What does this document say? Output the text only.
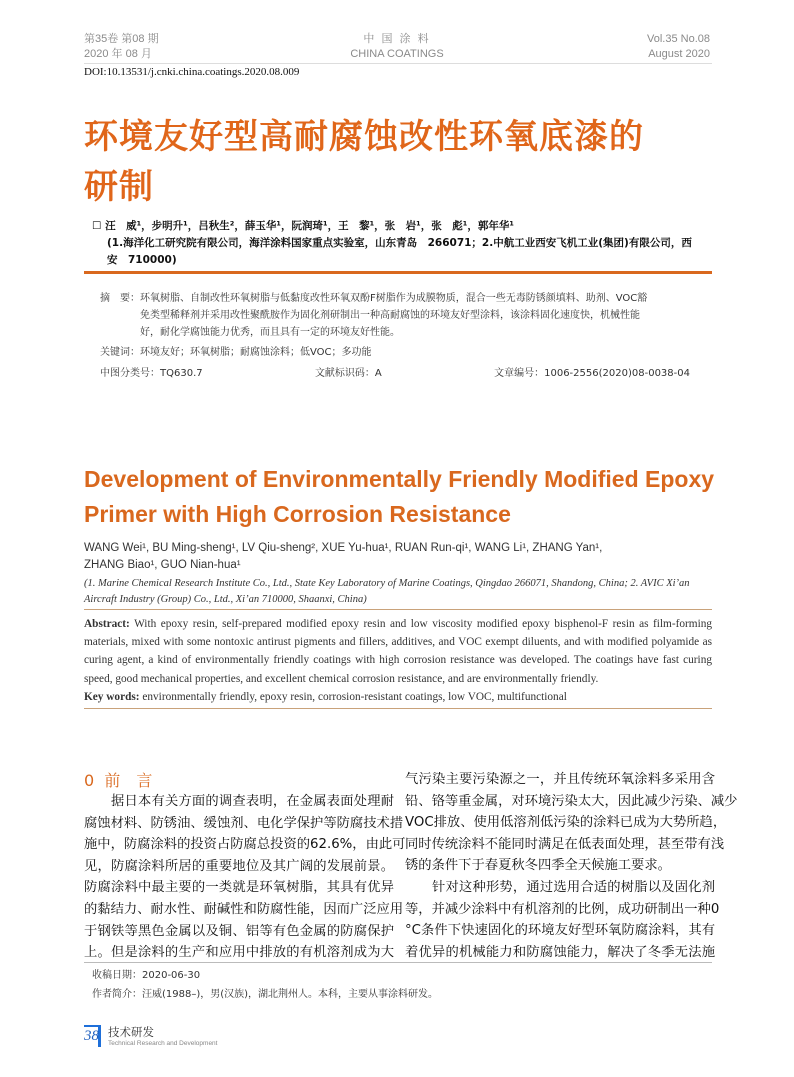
第35卷 第08 期
2020 年 08 月
中 国 涂 料
CHINA COATINGS
Vol.35 No.08
August 2020
DOI:10.13531/j.cnki.china.coatings.2020.08.009
环境友好型高耐腐蚀改性环氧底漆的
研制
☐ 汪　威¹，步明升¹，吕秋生²，薛玉华¹，阮润琦¹，王　黎¹，张　岩¹，张　彪¹，郭年华¹
(1.海洋化工研究院有限公司，海洋涂料国家重点实验室，山东青岛　266071；2.中航工业西安飞机工业(集团)有限公司，西
安　710000)
摘　要：环氧树脂、自制改性环氧树脂与低黏度改性环氧双酚F树脂作为成膜物质，混合一些无毒防锈颜填料、助剂、VOC豁
免类型稀释剂并采用改性聚酰胺作为固化剂研制出一种高耐腐蚀的环境友好型涂料，该涂料固化速度快，机械性能
好，耐化学腐蚀能力优秀，而且具有一定的环境友好性能。
关键词：环境友好；环氧树脂；耐腐蚀涂料；低VOC；多功能
中图分类号：TQ630.7	文献标识码：A	文章编号：1006-2556(2020)08-0038-04
Development of Environmentally Friendly Modified Epoxy
Primer with High Corrosion Resistance
WANG Wei¹, BU Ming-sheng¹, LV Qiu-sheng², XUE Yu-hua¹, RUAN Run-qi¹, WANG Li¹, ZHANG Yan¹,
ZHANG Biao¹, GUO Nian-hua¹
(1. Marine Chemical Research Institute Co., Ltd., State Key Laboratory of Marine Coatings, Qingdao 266071, Shandong, China; 2. AVIC Xi’an Aircraft Industry (Group) Co., Ltd., Xi’an 710000, Shaanxi, China)
Abstract: With epoxy resin, self-prepared modified epoxy resin and low viscosity modified epoxy bisphenol-F resin as film-forming materials, mixed with some nontoxic antirust pigments and fillers, additives, and VOC exempt diluents, and with modified polyamide as curing agent, a kind of environmentally friendly coatings with high corrosion resistance was developed. The coatings have fast curing speed, good mechanical properties, and excellent chemical corrosion resistance, and are environmentally friendly.
Key words: environmentally friendly, epoxy resin, corrosion-resistant coatings, low VOC, multifunctional
0 前　言
据日本有关方面的调查表明，在金属表面处理耐
腐蚀材料、防锈油、缓蚀剂、电化学保护等防腐技术措
施中，防腐涂料的投资占防腐总投资的62.6%，由此可
见，防腐涂料所居的重要地位及其广阔的发展前景。
防腐涂料中最主要的一类就是环氧树脂，其具有优异
的黏结力、耐水性、耐碱性和防腐性能，因而广泛应用
于钢铁等黑色金属以及铜、铝等有色金属的防腐保护
上。但是涂料的生产和应用中排放的有机溶剂成为大
气污染主要污染源之一，并且传统环氧涂料多采用含
铅、铬等重金属，对环境污染太大，因此减少污染、减少
VOC排放、使用低溶剂低污染的涂料已成为大势所趋，
同时传统涂料不能同时满足在低表面处理，甚至带有浅
锈的条件下于春夏秋冬四季全天候施工要求。
针对这种形势，通过选用合适的树脂以及固化剂
等，并减少涂料中有机溶剂的比例，成功研制出一种0
°C条件下快速固化的环境友好型环氧防腐涂料，其有
着优异的机械能力和防腐蚀能力，解决了冬季无法施
收稿日期：2020-06-30
作者简介：汪威(1988–)，男(汉族)，湖北荆州人。本科，主要从事涂料研发。
38 技术研发
Technical Research and Development
